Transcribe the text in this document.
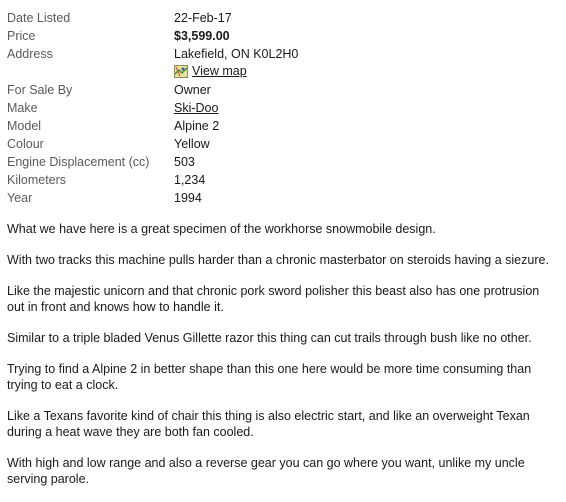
Date Listed	22-Feb-17
Price	$3,599.00
Address	Lakefield, ON K0L2H0
View map
For Sale By	Owner
Make	Ski-Doo
Model	Alpine 2
Colour	Yellow
Engine Displacement (cc)	503
Kilometers	1,234
Year	1994

What we have here is a great specimen of the workhorse snowmobile design.

With two tracks this machine pulls harder than a chronic masterbator on steroids having a siezure.

Like the majestic unicorn and that chronic pork sword polisher this beast also has one protrusion out in front and knows how to handle it.

Similar to a triple bladed Venus Gillette razor this thing can cut trails through bush like no other.

Trying to find a Alpine 2 in better shape than this one here would be more time consuming than trying to eat a clock.

Like a Texans favorite kind of chair this thing is also electric start, and like an overweight Texan during a heat wave they are both fan cooled.

With high and low range and also a reverse gear you can go where you want, unlike my uncle serving parole.
